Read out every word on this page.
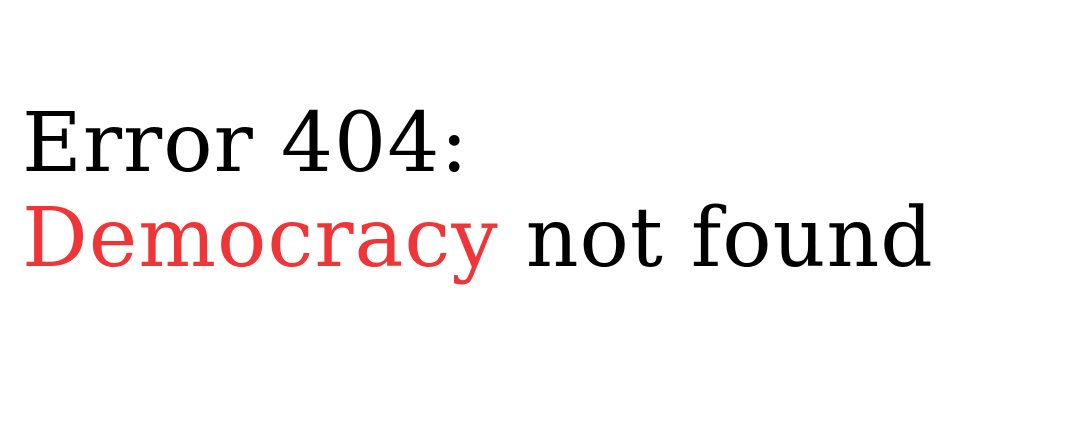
Error 404:
Democracy not found
